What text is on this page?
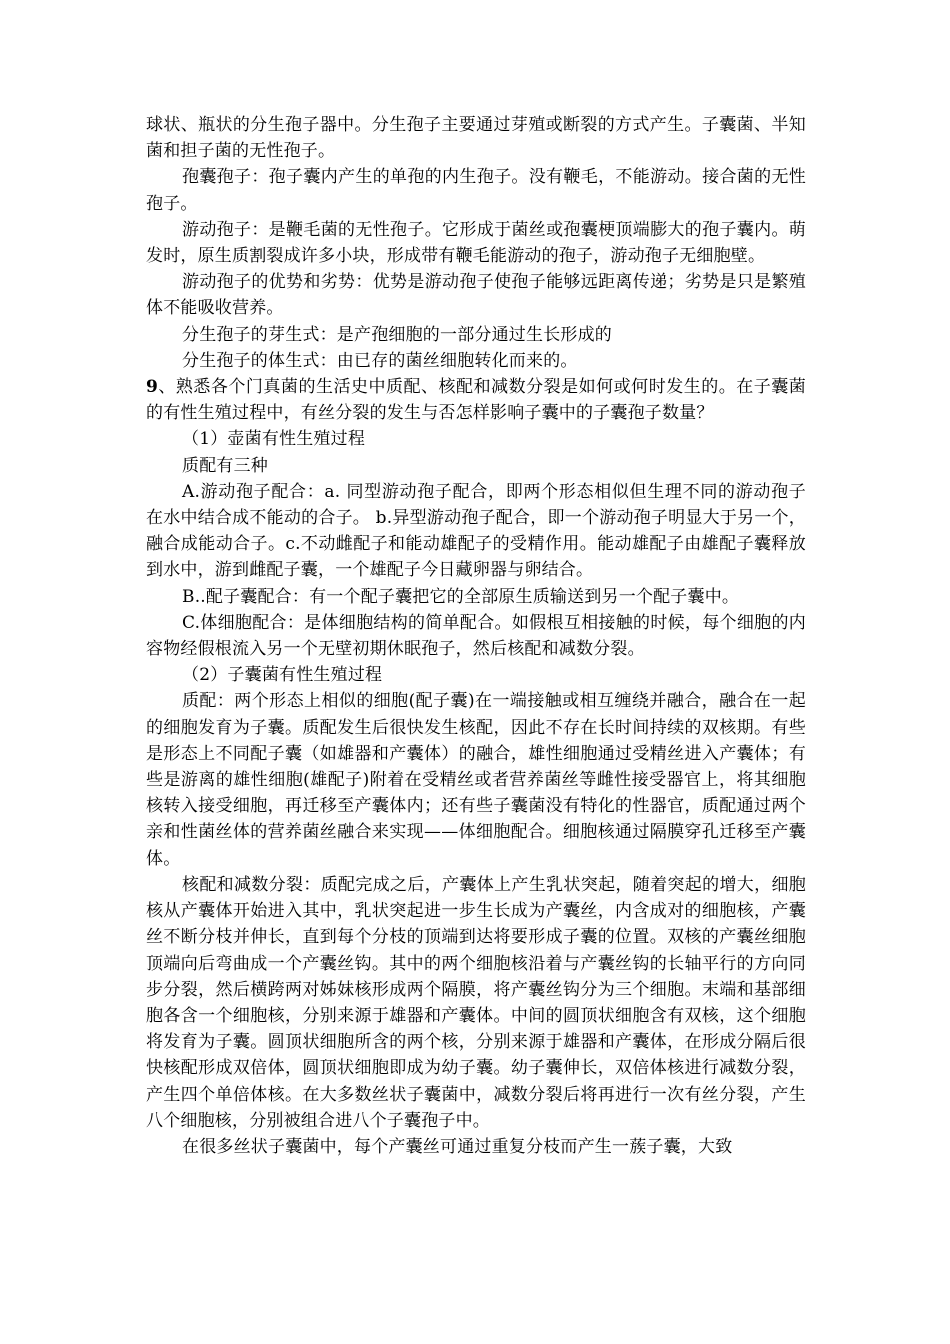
球状、瓶状的分生孢子器中。分生孢子主要通过芽殖或断裂的方式产生。子囊菌、半知菌和担子菌的无性孢子。

孢囊孢子：孢子囊内产生的单孢的内生孢子。没有鞭毛，不能游动。接合菌的无性孢子。

游动孢子：是鞭毛菌的无性孢子。它形成于菌丝或孢囊梗顶端膨大的孢子囊内。萌发时，原生质割裂成许多小块，形成带有鞭毛能游动的孢子，游动孢子无细胞壁。

游动孢子的优势和劣势：优势是游动孢子使孢子能够远距离传递；劣势是只是繁殖体不能吸收营养。

分生孢子的芽生式：是产孢细胞的一部分通过生长形成的

分生孢子的体生式：由已存的菌丝细胞转化而来的。

9、熟悉各个门真菌的生活史中质配、核配和减数分裂是如何或何时发生的。在子囊菌的有性生殖过程中，有丝分裂的发生与否怎样影响子囊中的子囊孢子数量？

（1）壶菌有性生殖过程

质配有三种

A.游动孢子配合：a. 同型游动孢子配合，即两个形态相似但生理不同的游动孢子在水中结合成不能动的合子。 b.异型游动孢子配合，即一个游动孢子明显大于另一个，融合成能动合子。c.不动雌配子和能动雄配子的受精作用。能动雄配子由雄配子囊释放到水中，游到雌配子囊，一个雄配子今日藏卵器与卵结合。

B..配子囊配合：有一个配子囊把它的全部原生质输送到另一个配子囊中。

C.体细胞配合：是体细胞结构的简单配合。如假根互相接触的时候，每个细胞的内容物经假根流入另一个无壁初期休眠孢子，然后核配和减数分裂。

（2）子囊菌有性生殖过程

质配：两个形态上相似的细胞(配子囊)在一端接触或相互缠绕并融合，融合在一起的细胞发育为子囊。质配发生后很快发生核配，因此不存在长时间持续的双核期。有些是形态上不同配子囊（如雄器和产囊体）的融合，雄性细胞通过受精丝进入产囊体；有些是游离的雄性细胞(雄配子)附着在受精丝或者营养菌丝等雌性接受器官上，将其细胞核转入接受细胞，再迁移至产囊体内；还有些子囊菌没有特化的性器官，质配通过两个亲和性菌丝体的营养菌丝融合来实现——体细胞配合。细胞核通过隔膜穿孔迁移至产囊体。

核配和减数分裂：质配完成之后，产囊体上产生乳状突起，随着突起的增大，细胞核从产囊体开始进入其中，乳状突起进一步生长成为产囊丝，内含成对的细胞核，产囊丝不断分枝并伸长，直到每个分枝的顶端到达将要形成子囊的位置。双核的产囊丝细胞顶端向后弯曲成一个产囊丝钩。其中的两个细胞核沿着与产囊丝钩的长轴平行的方向同步分裂，然后横跨两对姊妹核形成两个隔膜，将产囊丝钩分为三个细胞。末端和基部细胞各含一个细胞核，分别来源于雄器和产囊体。中间的圆顶状细胞含有双核，这个细胞将发育为子囊。圆顶状细胞所含的两个核，分别来源于雄器和产囊体，在形成分隔后很快核配形成双倍体，圆顶状细胞即成为幼子囊。幼子囊伸长，双倍体核进行减数分裂，产生四个单倍体核。在大多数丝状子囊菌中，减数分裂后将再进行一次有丝分裂，产生八个细胞核，分别被组合进八个子囊孢子中。

在很多丝状子囊菌中，每个产囊丝可通过重复分枝而产生一蔟子囊，大致
